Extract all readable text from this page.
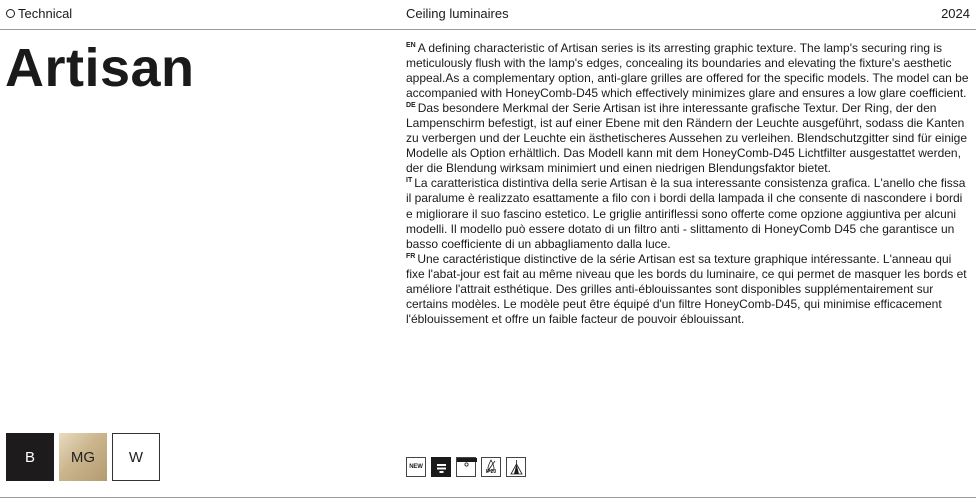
Technical	Ceiling luminaires	2024
Artisan	$^{EN}$ A defining characteristic of Artisan series is its arresting graphic texture. The lamp's securing ring is meticulously flush with the lamp's edges, concealing its boundaries and elevating the fixture's aesthetic appeal.As a complementary option, anti-glare grilles are offered for the specific models. The model can be accompanied with HoneyComb-D45 which effectively minimizes glare and ensures a low glare coefficient.

$^{DE}$ Das besondere Merkmal der Serie Artisan ist ihre interessante grafische Textur. Der Ring, der den Lampenschirm befestigt, ist auf einer Ebene mit den Rändern der Leuchte ausgeführt, sodass die Kanten zu verbergen und der Leuchte ein ästhetischeres Aussehen zu verleihen. Blendschutzgitter sind für einige Modelle als Option erhältlich. Das Modell kann mit dem HoneyComb-D45 Lichtfilter ausgestattet werden, der die Blendung wirksam minimiert und einen niedrigen Blendungsfaktor bietet.

$^{IT}$ La caratteristica distintiva della serie Artisan è la sua interessante consistenza grafica. L'anello che fissa il paralume è realizzato esattamente a filo con i bordi della lampada il che consente di nascondere i bordi e migliorare il suo fascino estetico. Le griglie antiriflessi sono offerte come opzione aggiuntiva per alcuni modelli. Il modello può essere dotato di un filtro anti - slittamento di HoneyComb D45 che garantisce un basso coefficiente di un abbagliamento dalla luce.

$^{FR}$ Une caractéristique distinctive de la série Artisan est sa texture graphique intéressante. L'anneau qui fixe l'abat-jour est fait au même niveau que les bords du luminaire, ce qui permet de masquer les bords et améliore l'attrait esthétique. Des grilles anti-éblouissantes sont disponibles supplémentairement sur certains modèles. Le modèle peut être équipé d'un filtre HoneyComb-D45, qui minimise efficacement l'éblouissement et offre un faible facteur de pouvoir éblouissant.

B	MG	W
NEW
IP20
